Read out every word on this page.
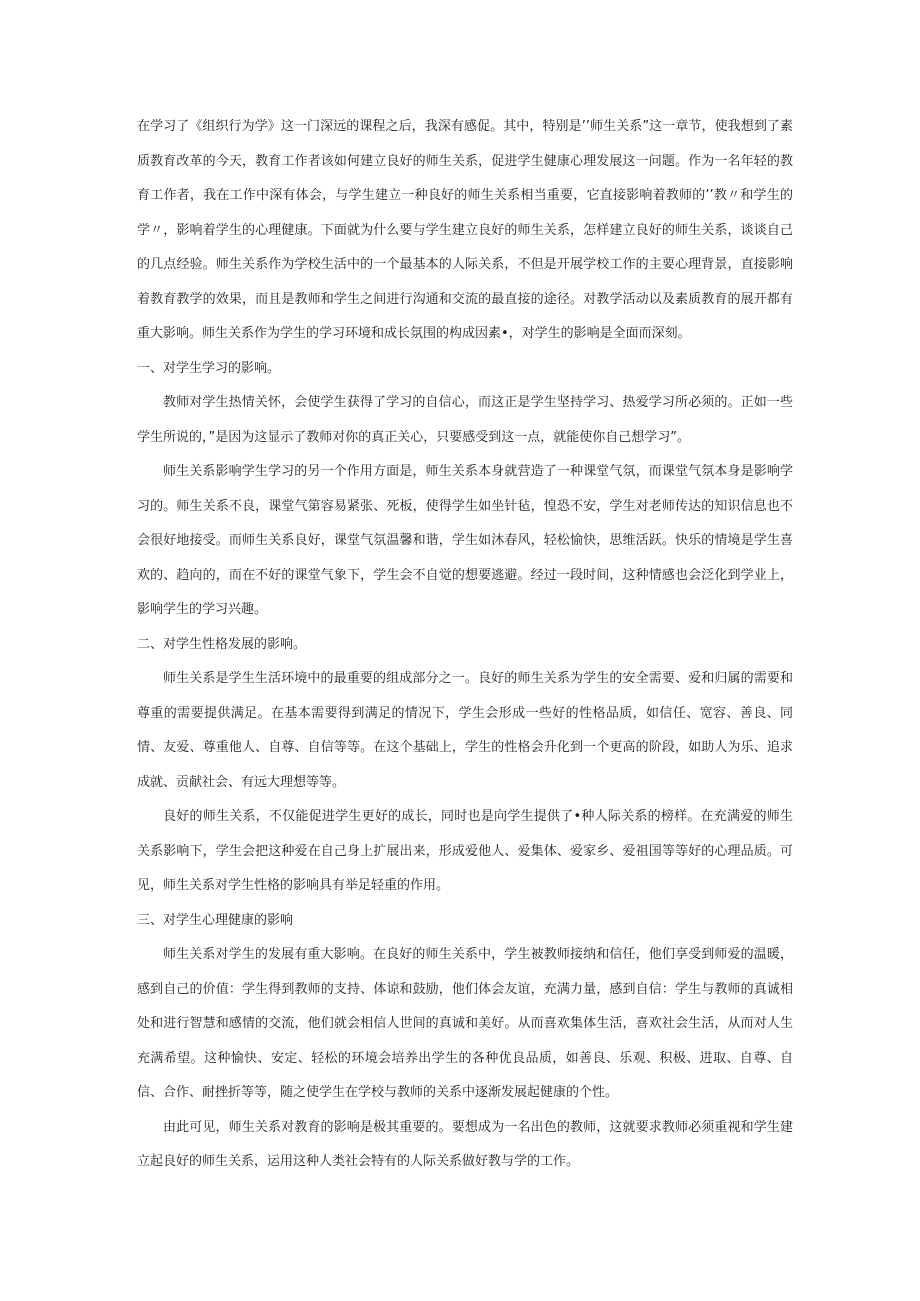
在学习了《组织行为学》这一门深远的课程之后，我深有感促。其中，特别是’’师生关系”这一章节，使我想到了素质教育改革的今天，教育工作者该如何建立良好的师生关系，促进学生健康心理发展这一问题。作为一名年轻的教育工作者，我在工作中深有体会，与学生建立一种良好的师生关系相当重要，它直接影响着教师的’’教〃和学生的学〃，影响着学生的心理健康。下面就为什么要与学生建立良好的师生关系，怎样建立良好的师生关系，谈谈自己的几点经验。师生关系作为学校生活中的一个最基本的人际关系，不但是开展学校工作的主要心理背景，直接影响着教育教学的效果，而且是教师和学生之间进行沟通和交流的最直接的途径。对教学活动以及素质教育的展开都有重大影响。师生关系作为学生的学习环境和成长氛围的构成因素•，对学生的影响是全面而深刻。

一、对学生学习的影响。

教师对学生热情关怀，会使学生获得了学习的自信心，而这正是学生坚持学习、热爱学习所必须的。正如一些学生所说的，”是因为这显示了教师对你的真正关心，只要感受到这一点，就能使你自己想学习”。

师生关系影响学生学习的另一个作用方面是，师生关系本身就营造了一种课堂气氛，而课堂气氛本身是影响学习的。师生关系不良，课堂气第容易紧张、死板，使得学生如坐针毡，惶恐不安，学生对老师传达的知识信息也不会很好地接受。而师生关系良好，课堂气氛温馨和谐，学生如沐春风，轻松愉快，思维活跃。快乐的情境是学生喜欢的、趋向的，而在不好的课堂气象下，学生会不自觉的想要逃避。经过一段时间，这种情感也会泛化到学业上，影响学生的学习兴趣。

二、对学生性格发展的影响。

师生关系是学生生活环境中的最重要的组成部分之一。良好的师生关系为学生的安全需要、爱和归属的需要和尊重的需要提供满足。在基本需要得到满足的情况下，学生会形成一些好的性格品质，如信任、宽容、善良、同情、友爱、尊重他人、自尊、自信等等。在这个基础上，学生的性格会升化到一个更高的阶段，如助人为乐、追求成就、贡献社会、有远大理想等等。

良好的师生关系，不仅能促进学生更好的成长，同时也是向学生提供了•种人际关系的榜样。在充满爱的师生关系影响下，学生会把这种爱在自己身上扩展出来，形成爱他人、爱集体、爱家乡、爱祖国等等好的心理品质。可见，师生关系对学生性格的影响具有举足轻重的作用。

三、对学生心理健康的影响

师生关系对学生的发展有重大影响。在良好的师生关系中，学生被教师接纳和信任，他们享受到师爱的温暖，感到自己的价值：学生得到教师的支持、体谅和鼓励，他们体会友谊，充满力量，感到自信：学生与教师的真诚相处和进行智慧和感情的交流，他们就会相信人世间的真诚和美好。从而喜欢集体生活，喜欢社会生活，从而对人生充满希望。这种愉快、安定、轻松的环境会培养出学生的各种优良品质，如善良、乐观、积极、进取、自尊、自信、合作、耐挫折等等，随之使学生在学校与教师的关系中逐渐发展起健康的个性。

由此可见，师生关系对教育的影响是极其重要的。要想成为一名出色的教师，这就要求教师必须重视和学生建立起良好的师生关系，运用这种人类社会特有的人际关系做好教与学的工作。
